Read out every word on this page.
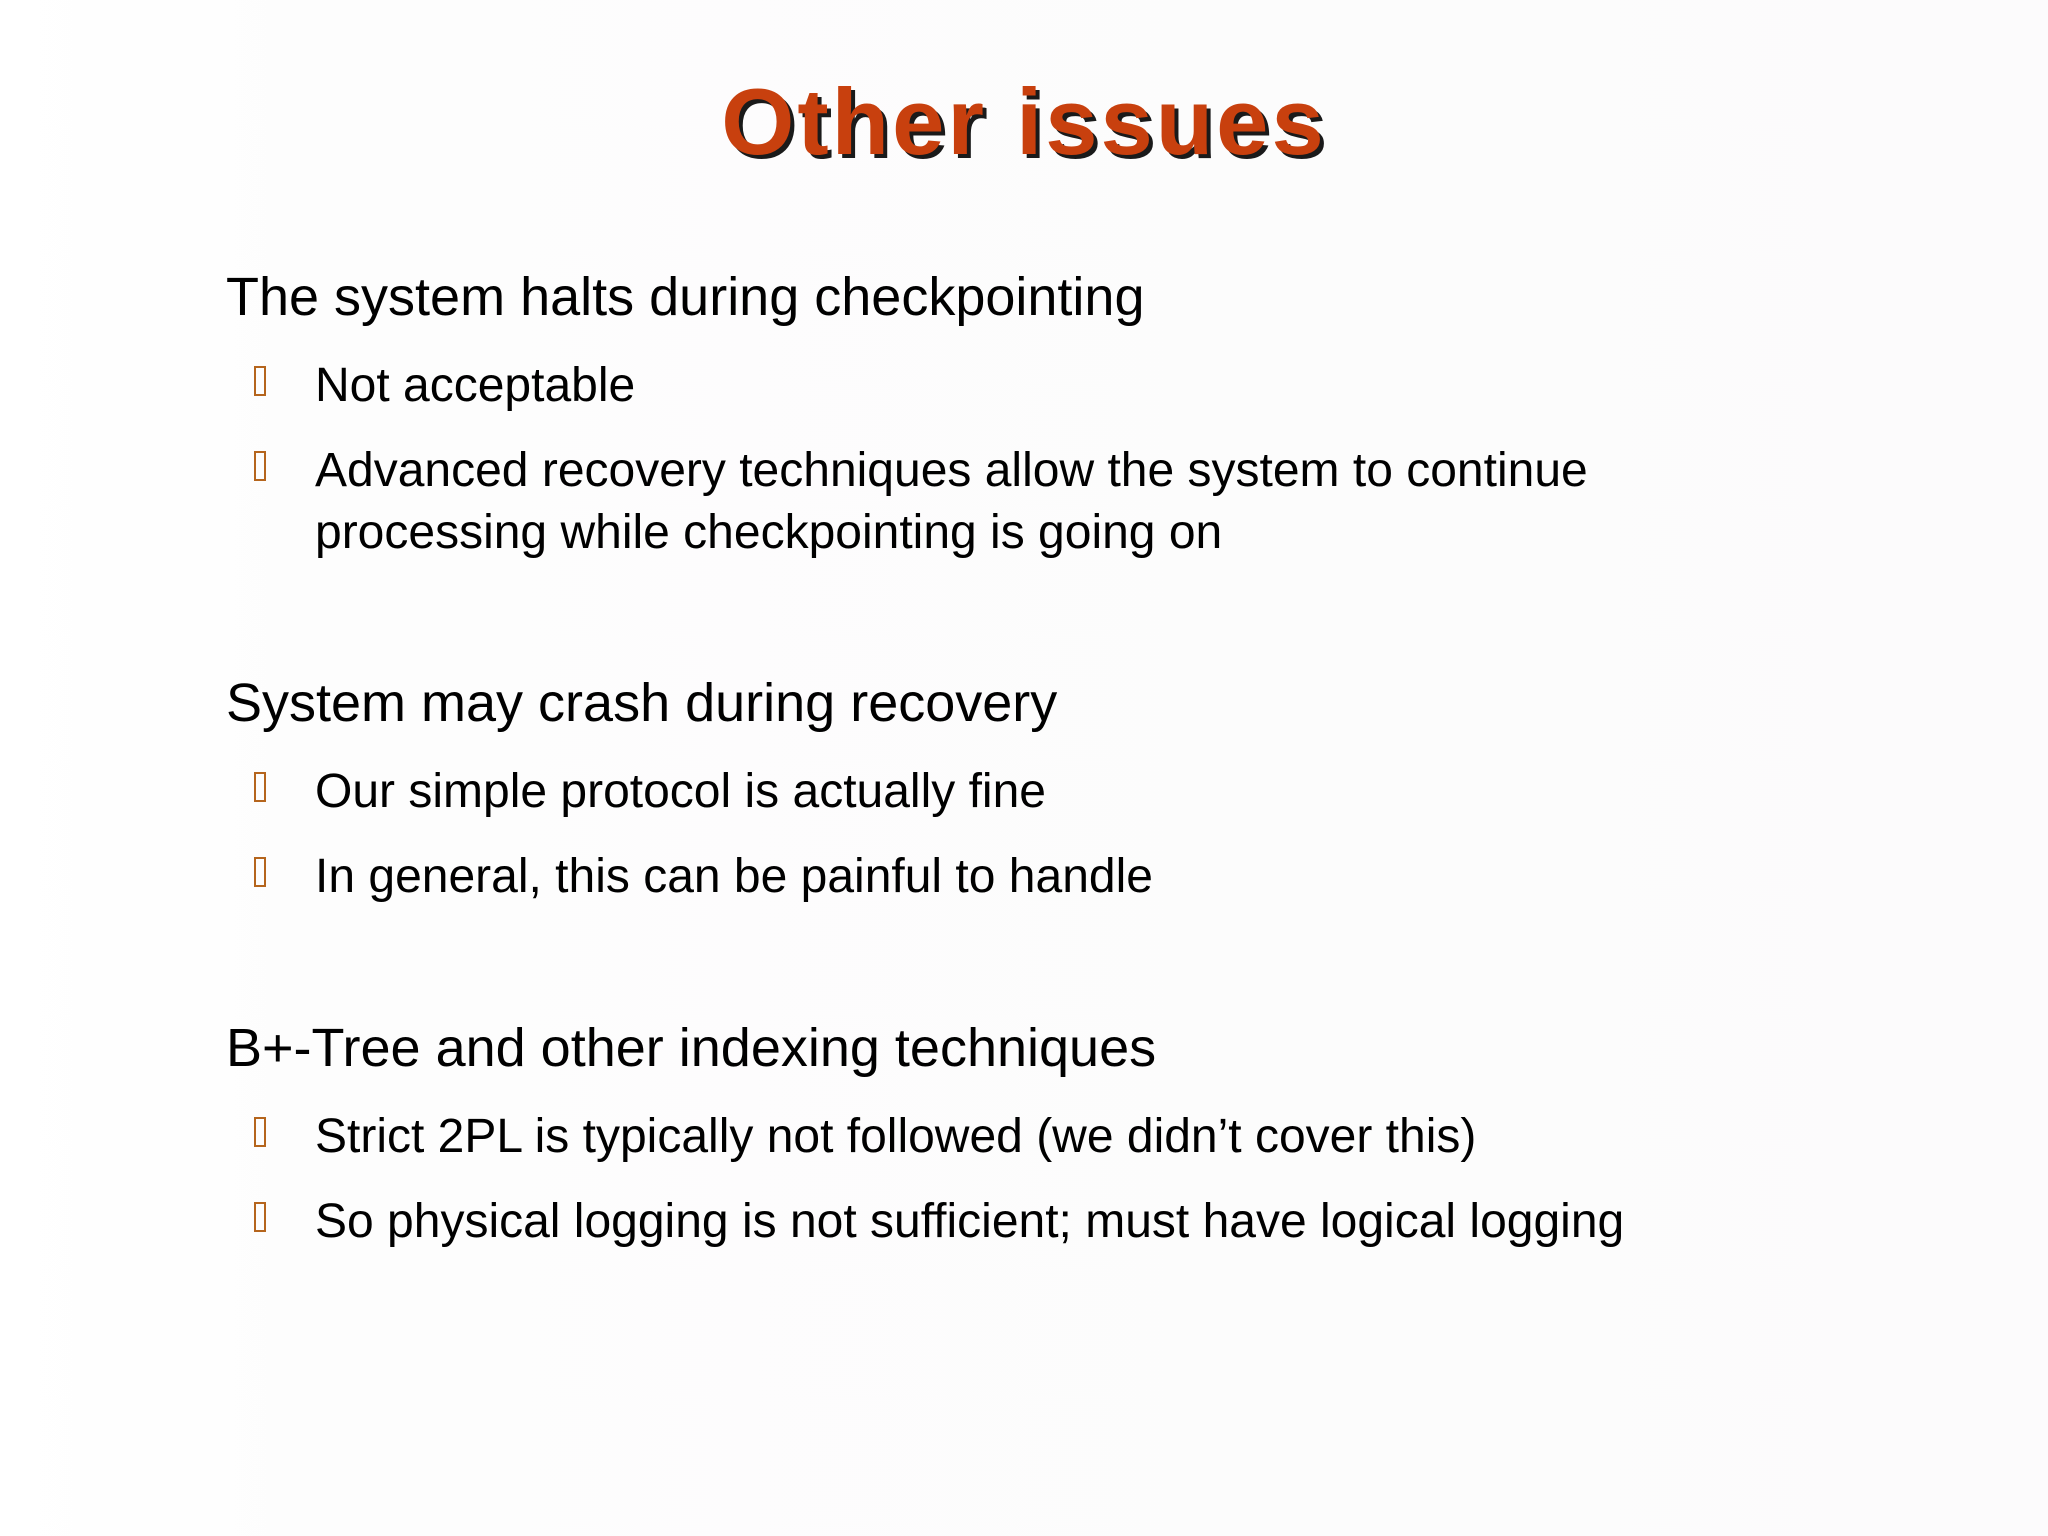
Other issues

The system halts during checkpointing

Not acceptable

Advanced recovery techniques allow the system to continue processing while checkpointing is going on

System may crash during recovery

Our simple protocol is actually fine

In general, this can be painful to handle

B+-Tree and other indexing techniques

Strict 2PL is typically not followed (we didn’t cover this)

So physical logging is not sufficient; must have logical logging
